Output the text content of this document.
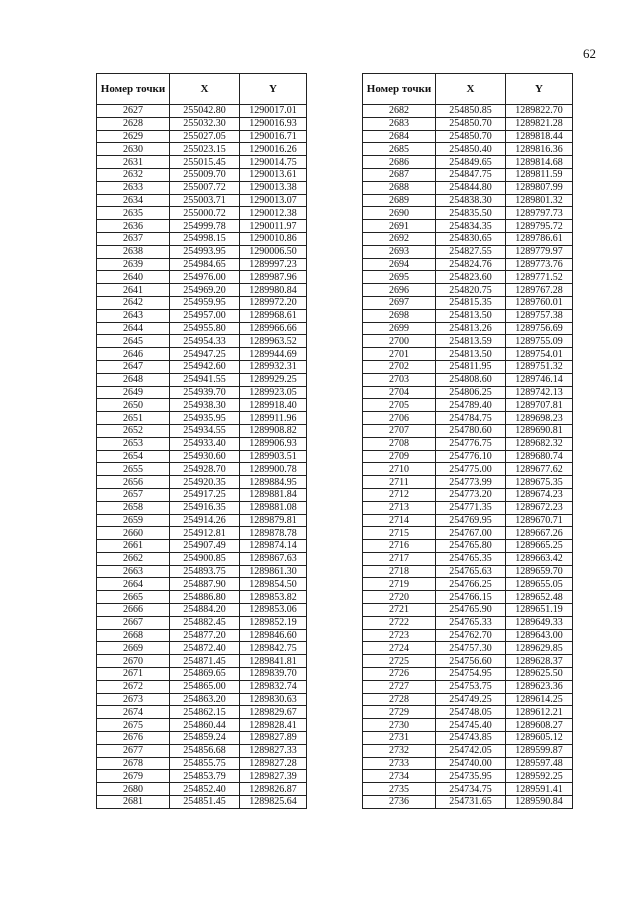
62
Номер точки	X	Y
2627	255042.80	1290017.01
2628	255032.30	1290016.93
2629	255027.05	1290016.71
2630	255023.15	1290016.26
2631	255015.45	1290014.75
2632	255009.70	1290013.61
2633	255007.72	1290013.38
2634	255003.71	1290013.07
2635	255000.72	1290012.38
2636	254999.78	1290011.97
2637	254998.15	1290010.86
2638	254993.95	1290006.50
2639	254984.65	1289997.23
2640	254976.00	1289987.96
2641	254969.20	1289980.84
2642	254959.95	1289972.20
2643	254957.00	1289968.61
2644	254955.80	1289966.66
2645	254954.33	1289963.52
2646	254947.25	1289944.69
2647	254942.60	1289932.31
2648	254941.55	1289929.25
2649	254939.70	1289923.05
2650	254938.30	1289918.40
2651	254935.95	1289911.96
2652	254934.55	1289908.82
2653	254933.40	1289906.93
2654	254930.60	1289903.51
2655	254928.70	1289900.78
2656	254920.35	1289884.95
2657	254917.25	1289881.84
2658	254916.35	1289881.08
2659	254914.26	1289879.81
2660	254912.81	1289878.78
2661	254907.49	1289874.14
2662	254900.85	1289867.63
2663	254893.75	1289861.30
2664	254887.90	1289854.50
2665	254886.80	1289853.82
2666	254884.20	1289853.06
2667	254882.45	1289852.19
2668	254877.20	1289846.60
2669	254872.40	1289842.75
2670	254871.45	1289841.81
2671	254869.65	1289839.70
2672	254865.00	1289832.74
2673	254863.20	1289830.63
2674	254862.15	1289829.67
2675	254860.44	1289828.41
2676	254859.24	1289827.89
2677	254856.68	1289827.33
2678	254855.75	1289827.28
2679	254853.79	1289827.39
2680	254852.40	1289826.87
2681	254851.45	1289825.64
Номер точки	X	Y
2682	254850.85	1289822.70
2683	254850.70	1289821.28
2684	254850.70	1289818.44
2685	254850.40	1289816.36
2686	254849.65	1289814.68
2687	254847.75	1289811.59
2688	254844.80	1289807.99
2689	254838.30	1289801.32
2690	254835.50	1289797.73
2691	254834.35	1289795.72
2692	254830.65	1289786.61
2693	254827.55	1289779.97
2694	254824.76	1289773.76
2695	254823.60	1289771.52
2696	254820.75	1289767.28
2697	254815.35	1289760.01
2698	254813.50	1289757.38
2699	254813.26	1289756.69
2700	254813.59	1289755.09
2701	254813.50	1289754.01
2702	254811.95	1289751.32
2703	254808.60	1289746.14
2704	254806.25	1289742.13
2705	254789.40	1289707.81
2706	254784.75	1289698.23
2707	254780.60	1289690.81
2708	254776.75	1289682.32
2709	254776.10	1289680.74
2710	254775.00	1289677.62
2711	254773.99	1289675.35
2712	254773.20	1289674.23
2713	254771.35	1289672.23
2714	254769.95	1289670.71
2715	254767.00	1289667.26
2716	254765.80	1289665.25
2717	254765.35	1289663.42
2718	254765.63	1289659.70
2719	254766.25	1289655.05
2720	254766.15	1289652.48
2721	254765.90	1289651.19
2722	254765.33	1289649.33
2723	254762.70	1289643.00
2724	254757.30	1289629.85
2725	254756.60	1289628.37
2726	254754.95	1289625.50
2727	254753.75	1289623.36
2728	254749.25	1289614.25
2729	254748.05	1289612.21
2730	254745.40	1289608.27
2731	254743.85	1289605.12
2732	254742.05	1289599.87
2733	254740.00	1289597.48
2734	254735.95	1289592.25
2735	254734.75	1289591.41
2736	254731.65	1289590.84
